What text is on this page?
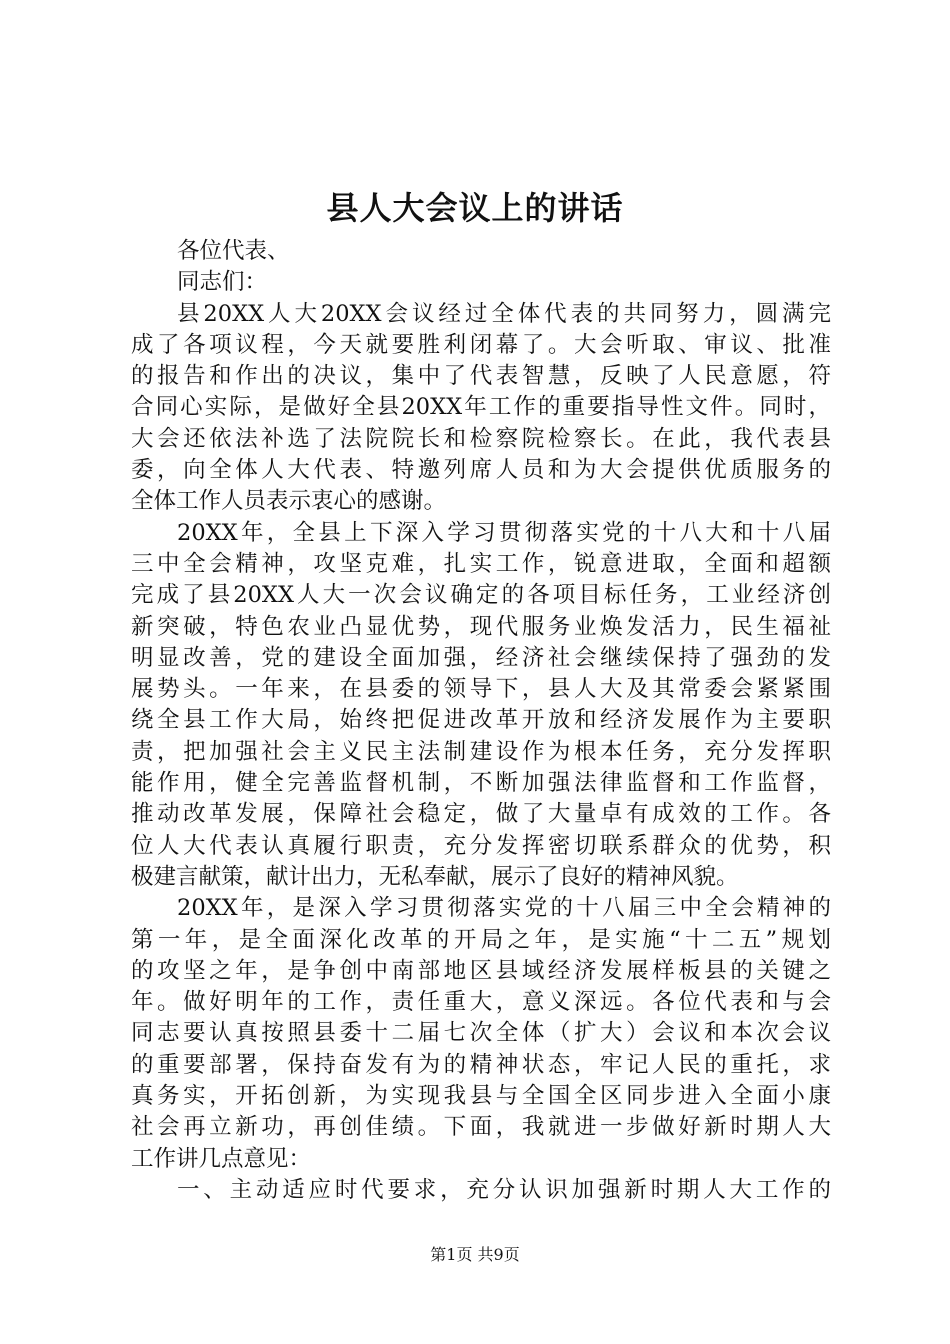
县人大会议上的讲话
各位代表、
同志们：
县20XX人大20XX会议经过全体代表的共同努力，圆满完
成了各项议程，今天就要胜利闭幕了。大会听取、审议、批准
的报告和作出的决议，集中了代表智慧，反映了人民意愿，符
合同心实际，是做好全县20XX年工作的重要指导性文件。同时，
大会还依法补选了法院院长和检察院检察长。在此，我代表县
委，向全体人大代表、特邀列席人员和为大会提供优质服务的
全体工作人员表示衷心的感谢。
20XX年，全县上下深入学习贯彻落实党的十八大和十八届
三中全会精神，攻坚克难，扎实工作，锐意进取，全面和超额
完成了县20XX人大一次会议确定的各项目标任务，工业经济创
新突破，特色农业凸显优势，现代服务业焕发活力，民生福祉
明显改善，党的建设全面加强，经济社会继续保持了强劲的发
展势头。一年来，在县委的领导下，县人大及其常委会紧紧围
绕全县工作大局，始终把促进改革开放和经济发展作为主要职
责，把加强社会主义民主法制建设作为根本任务，充分发挥职
能作用，健全完善监督机制，不断加强法律监督和工作监督，
推动改革发展，保障社会稳定，做了大量卓有成效的工作。各
位人大代表认真履行职责，充分发挥密切联系群众的优势，积
极建言献策，献计出力，无私奉献，展示了良好的精神风貌。
20XX年，是深入学习贯彻落实党的十八届三中全会精神的
第一年，是全面深化改革的开局之年，是实施“十二五”规划
的攻坚之年，是争创中南部地区县域经济发展样板县的关键之
年。做好明年的工作，责任重大，意义深远。各位代表和与会
同志要认真按照县委十二届七次全体（扩大）会议和本次会议
的重要部署，保持奋发有为的精神状态，牢记人民的重托，求
真务实，开拓创新，为实现我县与全国全区同步进入全面小康
社会再立新功，再创佳绩。下面，我就进一步做好新时期人大
工作讲几点意见：
一、主动适应时代要求，充分认识加强新时期人大工作的
第1页 共9页
